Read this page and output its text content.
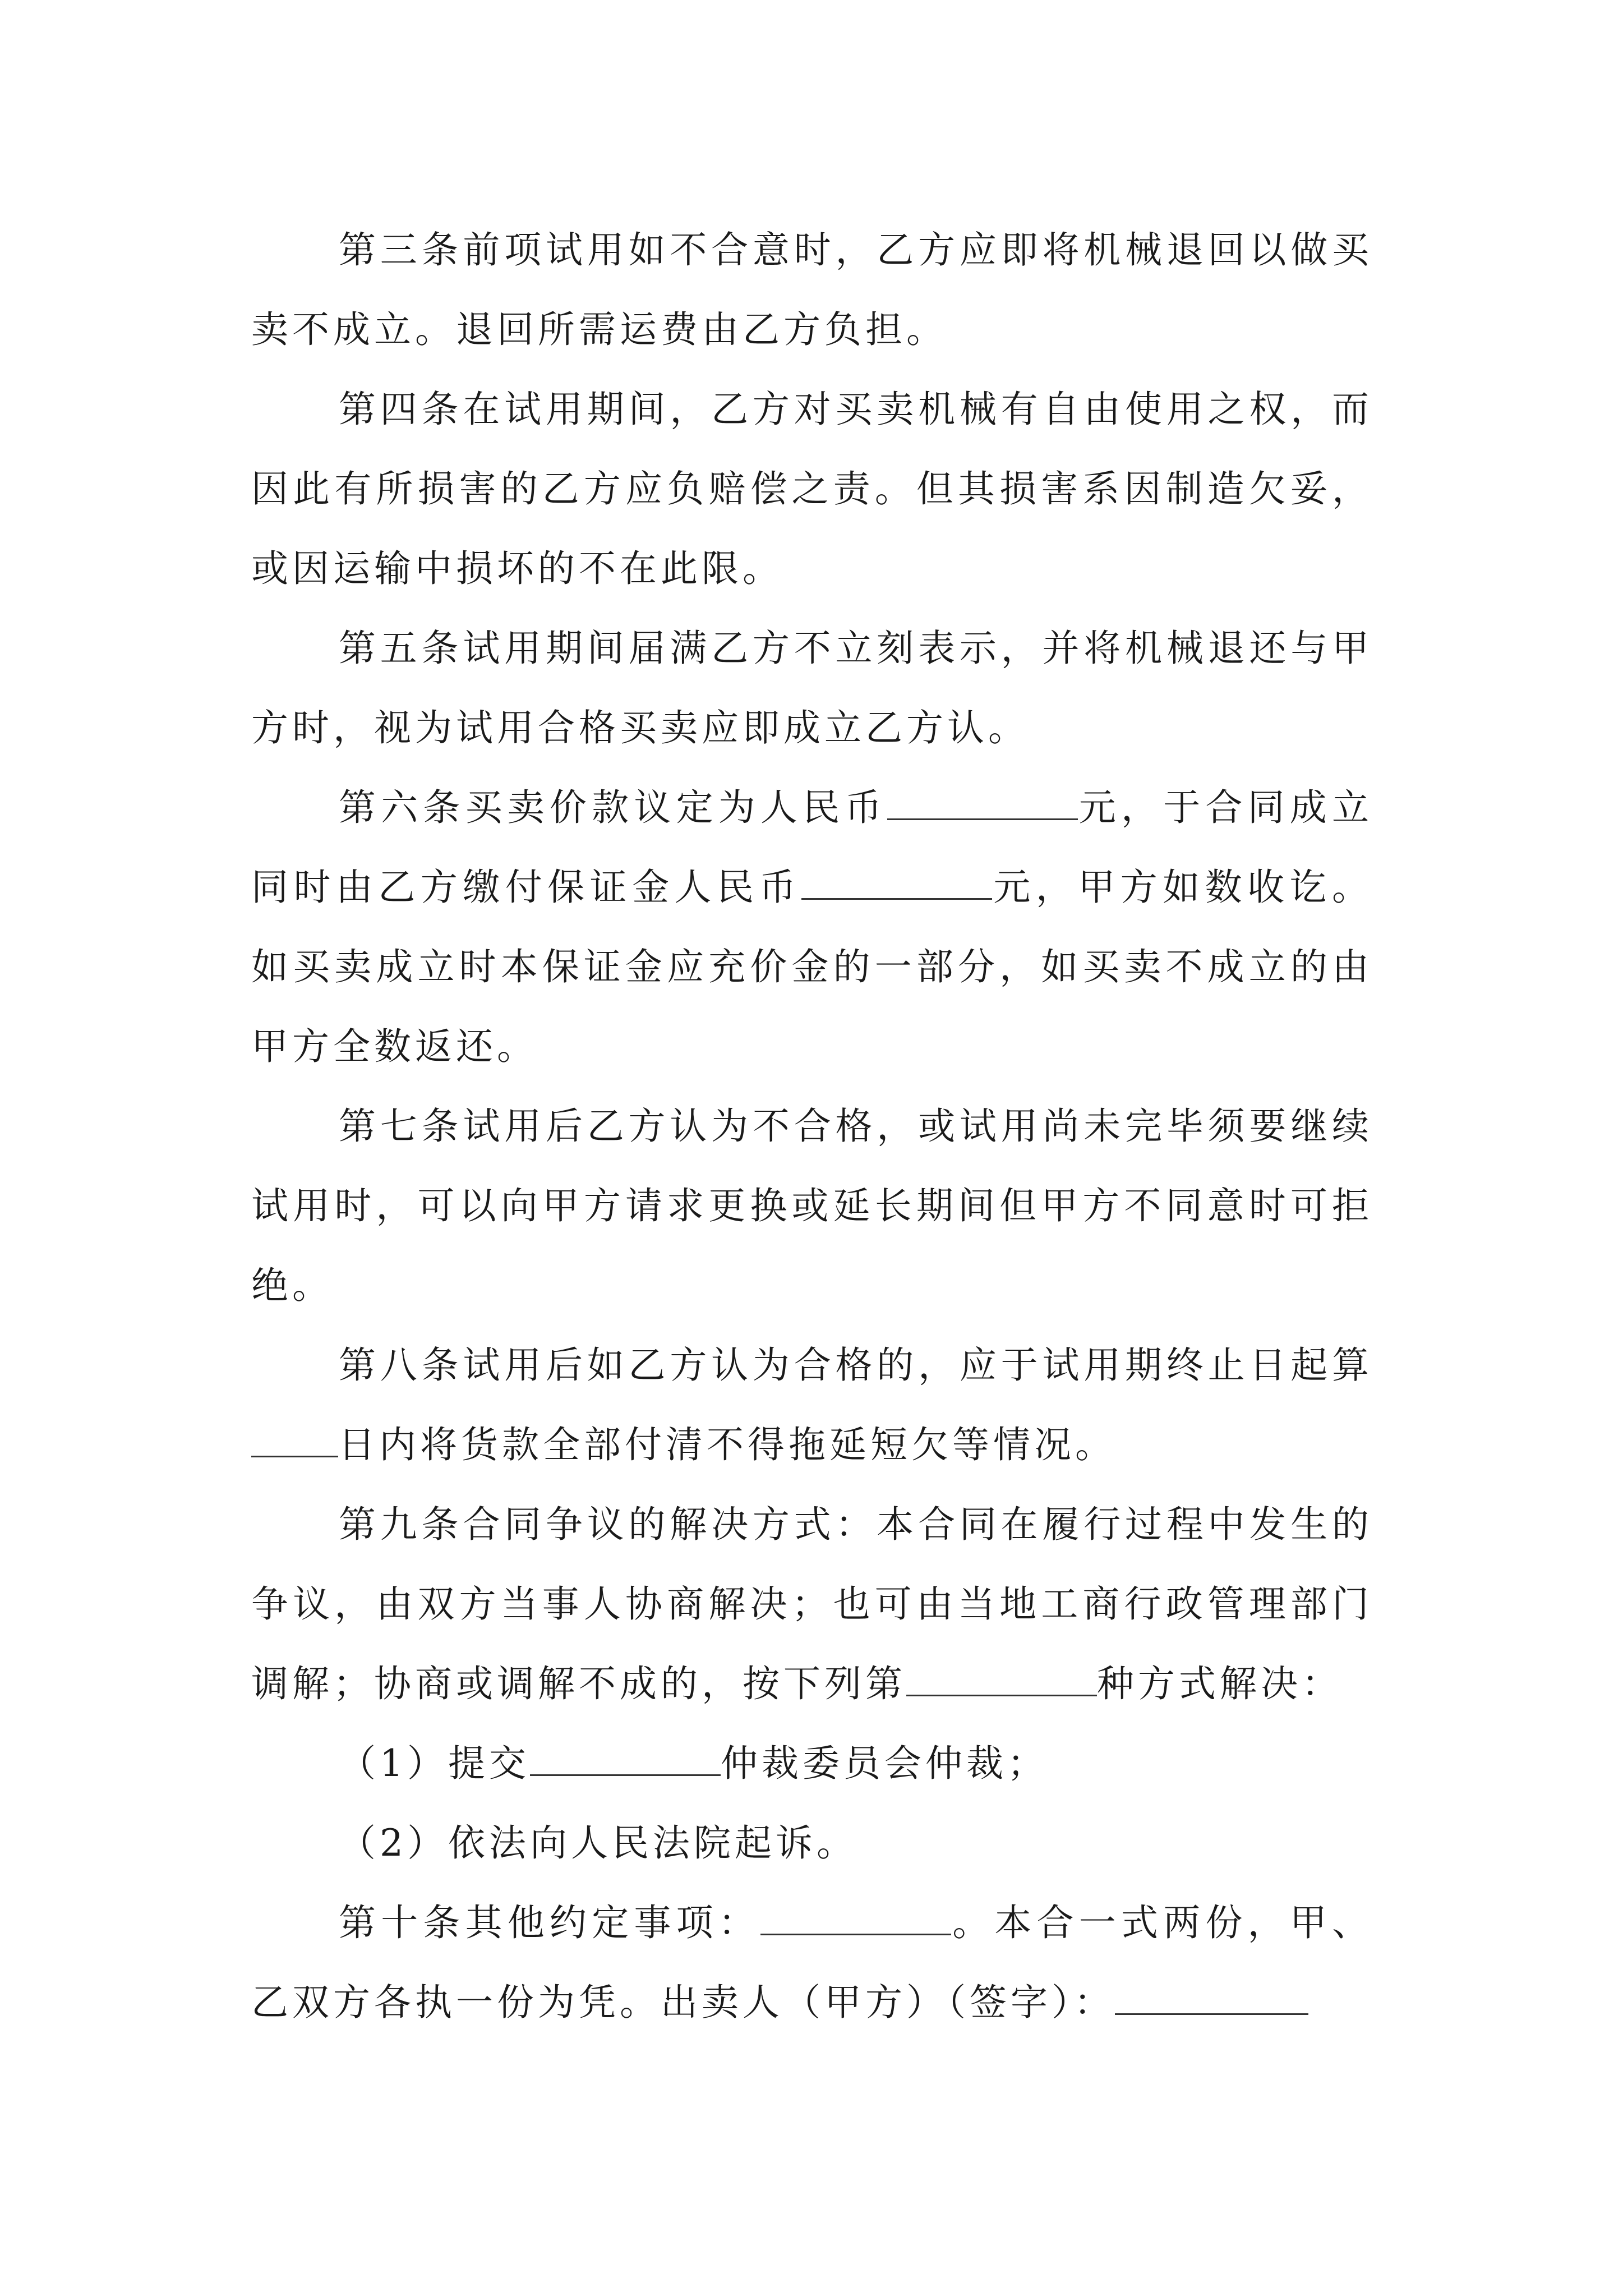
第三条前项试用如不合意时，乙方应即将机械退回以做买卖不成立。退回所需运费由乙方负担。

第四条在试用期间，乙方对买卖机械有自由使用之权，而因此有所损害的乙方应负赔偿之责。但其损害系因制造欠妥，或因运输中损坏的不在此限。

第五条试用期间届满乙方不立刻表示，并将机械退还与甲方时，视为试用合格买卖应即成立乙方认。

第六条买卖价款议定为人民币	元，于合同成立同时由乙方缴付保证金人民币	元，甲方如数收讫。如买卖成立时本保证金应充价金的一部分，如买卖不成立的由甲方全数返还。

第七条试用后乙方认为不合格，或试用尚未完毕须要继续试用时，可以向甲方请求更换或延长期间但甲方不同意时可拒绝。

第八条试用后如乙方认为合格的，应于试用期终止日起算日内将货款全部付清不得拖延短欠等情况。

第九条合同争议的解决方式：本合同在履行过程中发生的争议，由双方当事人协商解决；也可由当地工商行政管理部门调解；协商或调解不成的，按下列第	种方式解决：

（1）提交	仲裁委员会仲裁；

（2）依法向人民法院起诉。

第十条其他约定事项：	。本合一式两份，甲、乙双方各执一份为凭。出卖人（甲方）（签字）：
